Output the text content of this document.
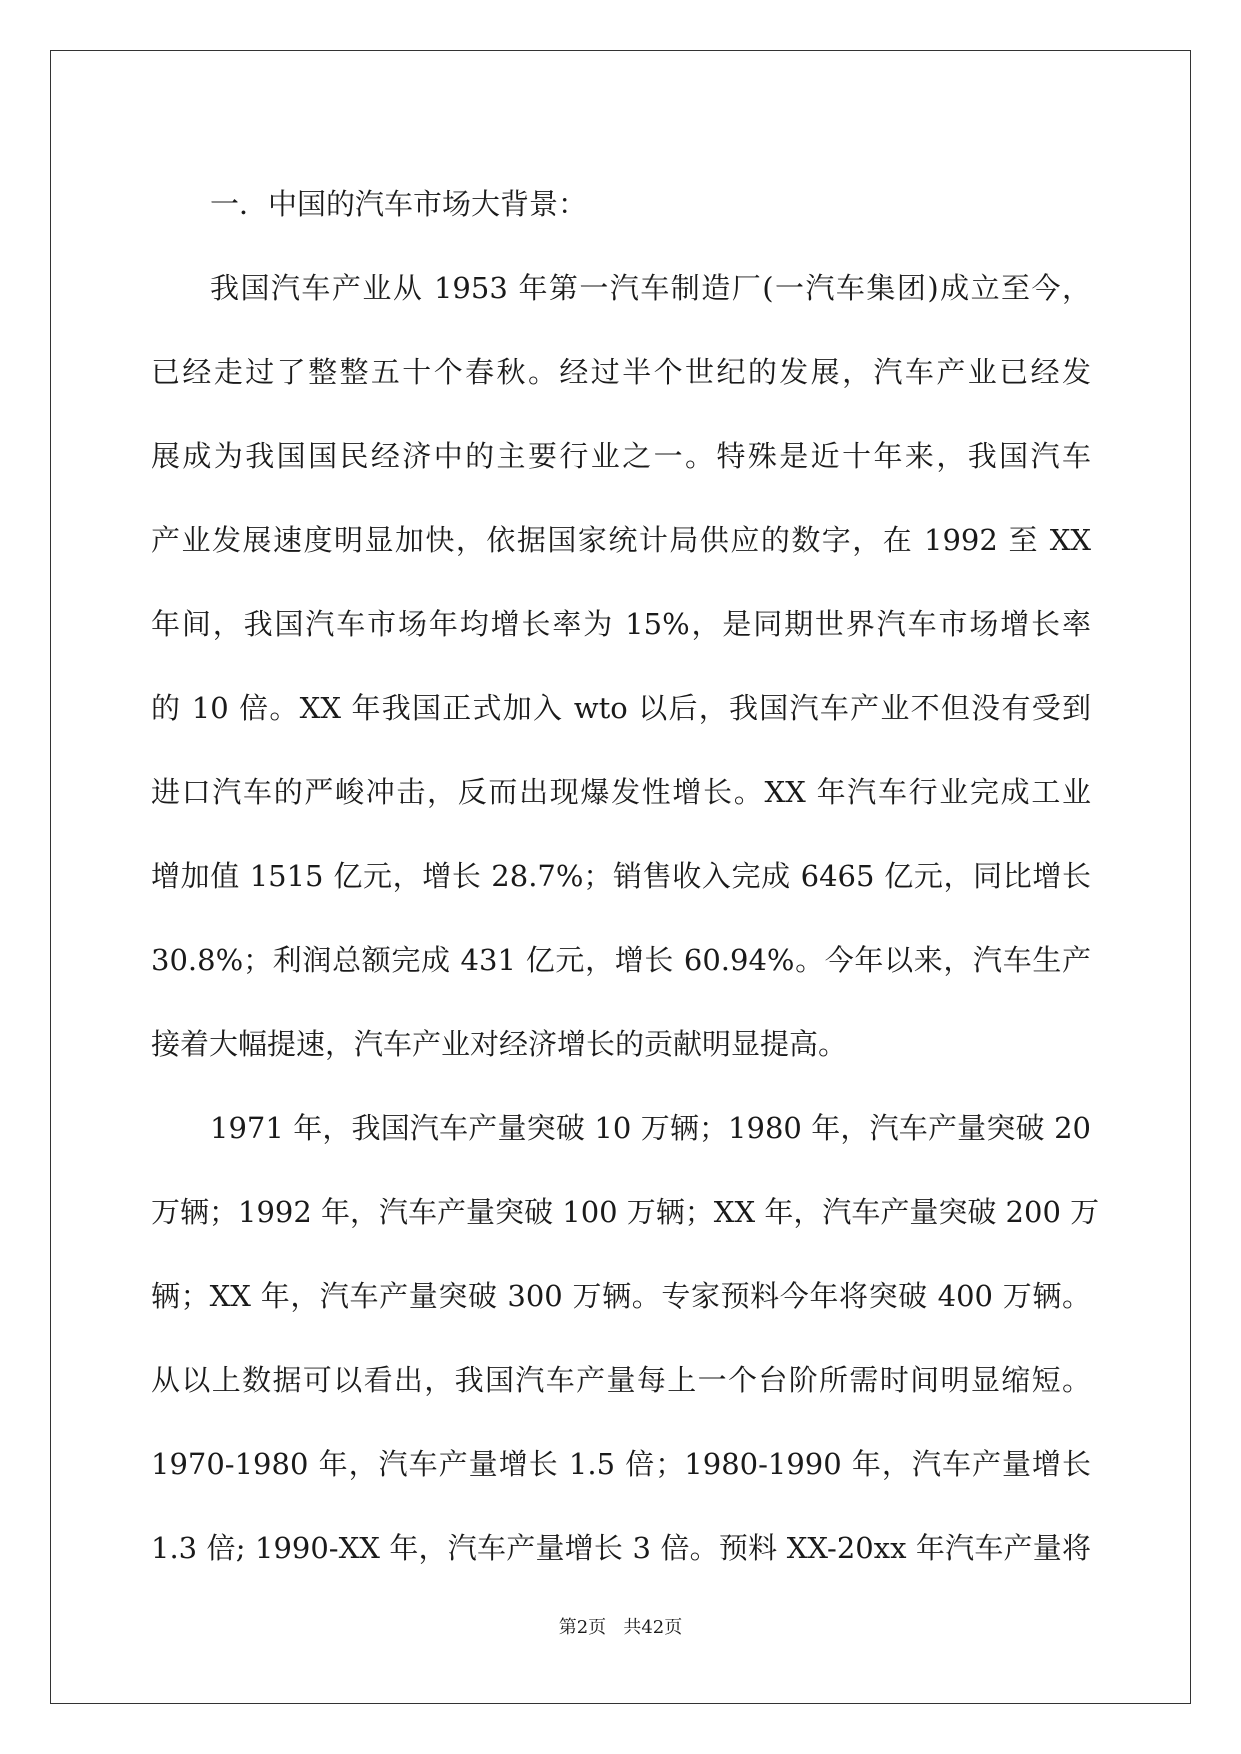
一．中国的汽车市场大背景：

我国汽车产业从 1953 年第一汽车制造厂(一汽车集团)成立至今，
已经走过了整整五十个春秋。经过半个世纪的发展，汽车产业已经发
展成为我国国民经济中的主要行业之一。特殊是近十年来，我国汽车
产业发展速度明显加快，依据国家统计局供应的数字，在 1992 至 XX
年间，我国汽车市场年均增长率为 15%，是同期世界汽车市场增长率
的 10 倍。XX 年我国正式加入 wto 以后，我国汽车产业不但没有受到
进口汽车的严峻冲击，反而出现爆发性增长。XX 年汽车行业完成工业
增加值 1515 亿元，增长 28.7%；销售收入完成 6465 亿元，同比增长
30.8%；利润总额完成 431 亿元，增长 60.94%。今年以来，汽车生产
接着大幅提速，汽车产业对经济增长的贡献明显提高。
1971 年，我国汽车产量突破 10 万辆；1980 年，汽车产量突破 20
万辆；1992 年，汽车产量突破 100 万辆；XX 年，汽车产量突破 200 万
辆；XX 年，汽车产量突破 300 万辆。专家预料今年将突破 400 万辆。
从以上数据可以看出，我国汽车产量每上一个台阶所需时间明显缩短。
1970-1980 年，汽车产量增长 1.5 倍；1980-1990 年，汽车产量增长
1.3 倍; 1990-XX 年，汽车产量增长 3 倍。预料 XX-20xx 年汽车产量将
第2页 共42页
